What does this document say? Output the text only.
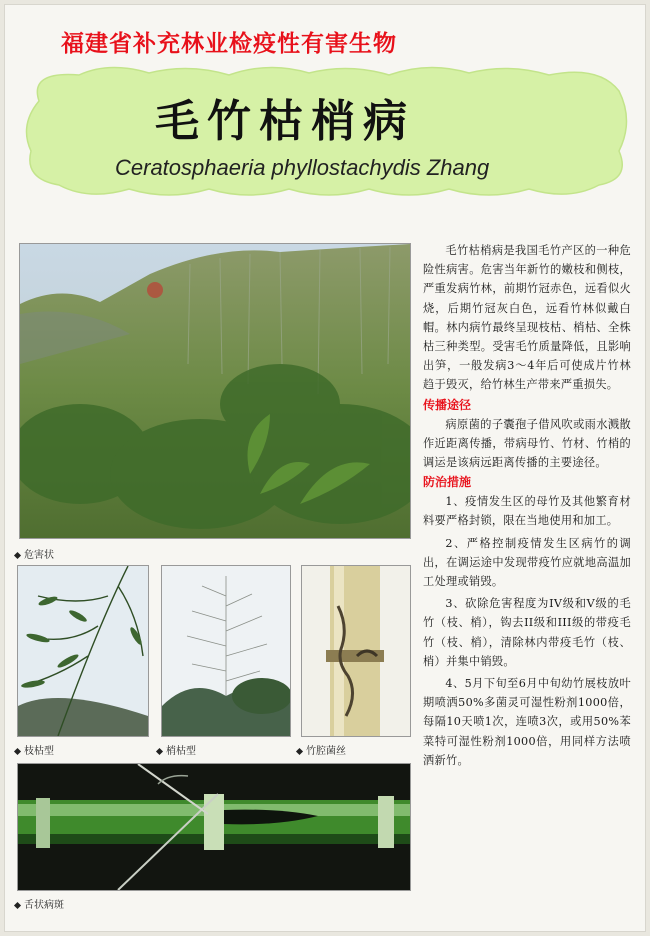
福建省补充林业检疫性有害生物
毛竹枯梢病
Ceratosphaeria phyllostachydis Zhang
危害状
枝枯型	梢枯型	竹腔菌丝
舌状病斑

毛竹枯梢病是我国毛竹产区的一种危险性病害。危害当年新竹的嫩枝和侧枝，严重发病竹林，前期竹冠赤色，远看似火烧，后期竹冠灰白色，远看竹林似戴白帽。林内病竹最终呈现枝枯、梢枯、全株枯三种类型。受害毛竹质量降低，且影响出笋，一般发病3～4年后可使成片竹林趋于毁灭，给竹林生产带来严重损失。

传播途径

病原菌的子囊孢子借风吹或雨水溅散作近距离传播，带病母竹、竹材、竹梢的调运是该病远距离传播的主要途径。

防治措施

1、疫情发生区的母竹及其他繁育材料要严格封锁，限在当地使用和加工。

2、严格控制疫情发生区病竹的调出，在调运途中发现带疫竹应就地高温加工处理或销毁。

3、砍除危害程度为IV级和V级的毛竹（枝、梢），钩去II级和III级的带疫毛竹（枝、梢），清除林内带疫毛竹（枝、梢）并集中销毁。

4、5月下旬至6月中旬幼竹展枝放叶期喷洒50%多菌灵可湿性粉剂1000倍，每隔10天喷1次，连喷3次，或用50%苯菜特可湿性粉剂1000倍，用同样方法喷洒新竹。
